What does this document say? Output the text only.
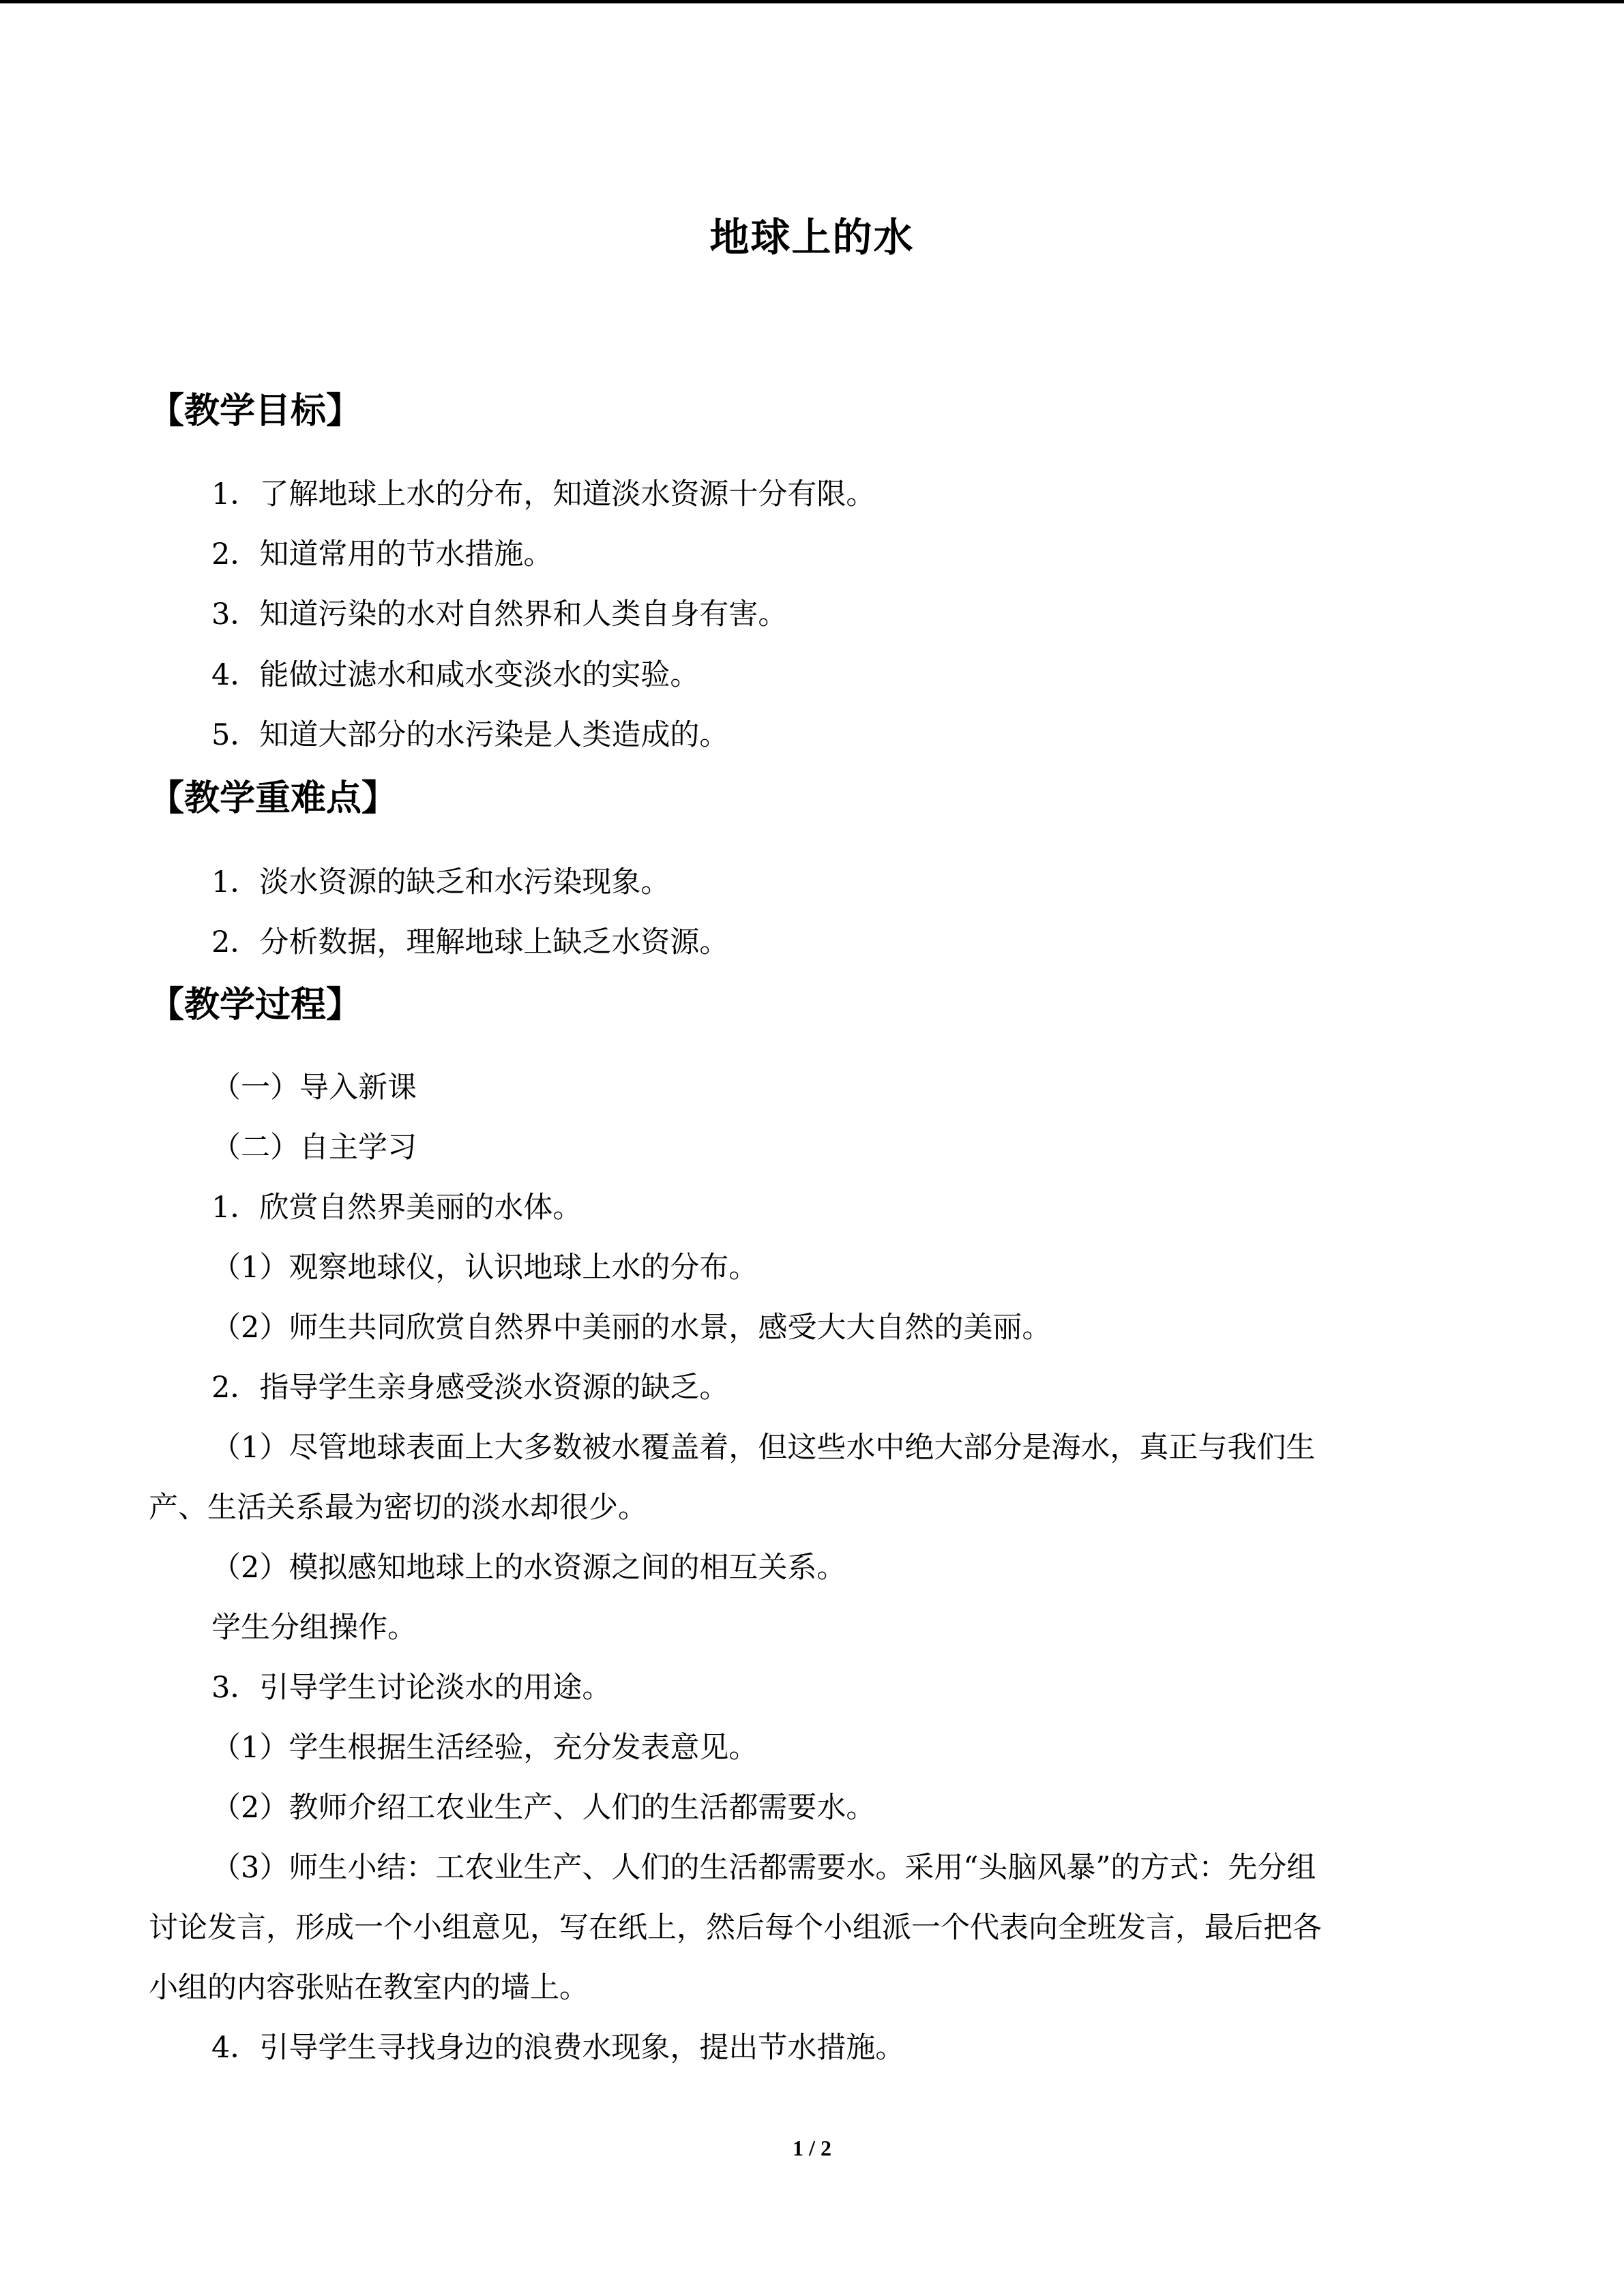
地球上的水
【教学目标】
1．了解地球上水的分布，知道淡水资源十分有限。
2．知道常用的节水措施。
3．知道污染的水对自然界和人类自身有害。
4．能做过滤水和咸水变淡水的实验。
5．知道大部分的水污染是人类造成的。
【教学重难点】
1．淡水资源的缺乏和水污染现象。
2．分析数据，理解地球上缺乏水资源。
【教学过程】
（一）导入新课
（二）自主学习
1．欣赏自然界美丽的水体。
（1）观察地球仪，认识地球上水的分布。
（2）师生共同欣赏自然界中美丽的水景，感受大大自然的美丽。
2．指导学生亲身感受淡水资源的缺乏。
（1）尽管地球表面上大多数被水覆盖着，但这些水中绝大部分是海水，真正与我们生
产、生活关系最为密切的淡水却很少。
（2）模拟感知地球上的水资源之间的相互关系。
学生分组操作。
3．引导学生讨论淡水的用途。
（1）学生根据生活经验，充分发表意见。
（2）教师介绍工农业生产、人们的生活都需要水。
（3）师生小结：工农业生产、人们的生活都需要水。采用“头脑风暴”的方式：先分组
讨论发言，形成一个小组意见，写在纸上，然后每个小组派一个代表向全班发言，最后把各
小组的内容张贴在教室内的墙上。
4．引导学生寻找身边的浪费水现象，提出节水措施。
1 / 2
